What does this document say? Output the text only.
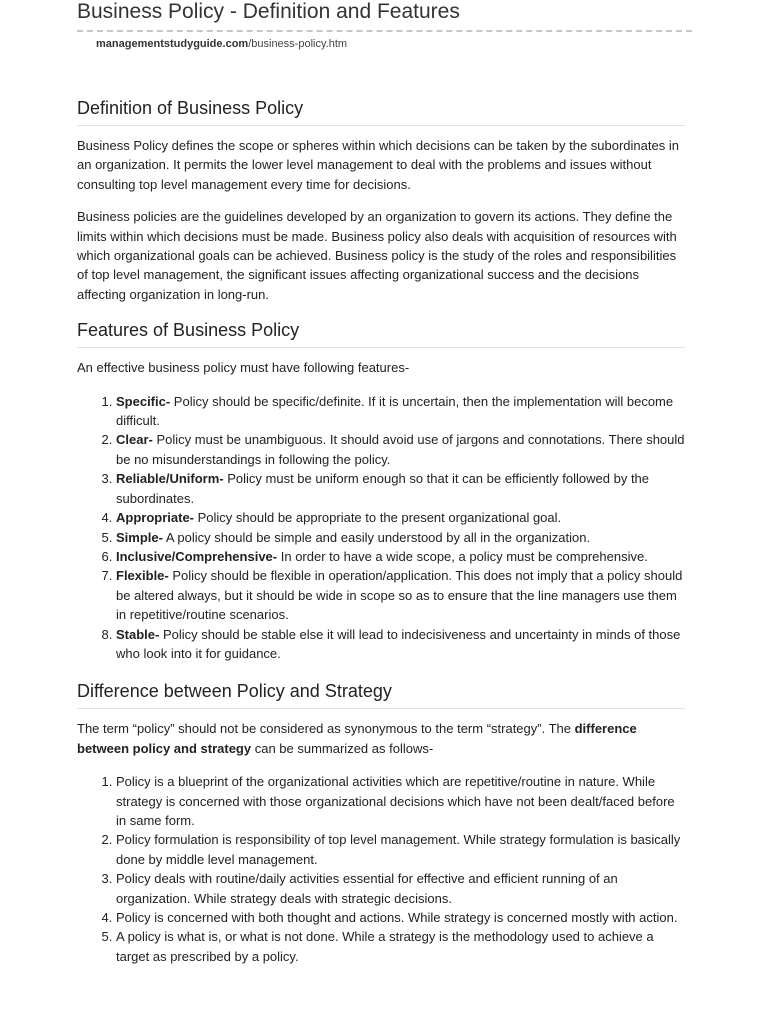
Business Policy - Definition and Features
managementstudyguide.com/business-policy.htm
Definition of Business Policy

Business Policy defines the scope or spheres within which decisions can be taken by the subordinates in an organization. It permits the lower level management to deal with the problems and issues without consulting top level management every time for decisions.

Business policies are the guidelines developed by an organization to govern its actions. They define the limits within which decisions must be made. Business policy also deals with acquisition of resources with which organizational goals can be achieved. Business policy is the study of the roles and responsibilities of top level management, the significant issues affecting organizational success and the decisions affecting organization in long-run.

Features of Business Policy

An effective business policy must have following features-

1. Specific- Policy should be specific/definite. If it is uncertain, then the implementation will become difficult.
2. Clear- Policy must be unambiguous. It should avoid use of jargons and connotations. There should be no misunderstandings in following the policy.
3. Reliable/Uniform- Policy must be uniform enough so that it can be efficiently followed by the subordinates.
4. Appropriate- Policy should be appropriate to the present organizational goal.
5. Simple- A policy should be simple and easily understood by all in the organization.
6. Inclusive/Comprehensive- In order to have a wide scope, a policy must be comprehensive.
7. Flexible- Policy should be flexible in operation/application. This does not imply that a policy should be altered always, but it should be wide in scope so as to ensure that the line managers use them in repetitive/routine scenarios.
8. Stable- Policy should be stable else it will lead to indecisiveness and uncertainty in minds of those who look into it for guidance.
Difference between Policy and Strategy

The term “policy” should not be considered as synonymous to the term “strategy”. The difference between policy and strategy can be summarized as follows-

1. Policy is a blueprint of the organizational activities which are repetitive/routine in nature. While strategy is concerned with those organizational decisions which have not been dealt/faced before in same form.
2. Policy formulation is responsibility of top level management. While strategy formulation is basically done by middle level management.
3. Policy deals with routine/daily activities essential for effective and efficient running of an organization. While strategy deals with strategic decisions.
4. Policy is concerned with both thought and actions. While strategy is concerned mostly with action.
5. A policy is what is, or what is not done. While a strategy is the methodology used to achieve a target as prescribed by a policy.
